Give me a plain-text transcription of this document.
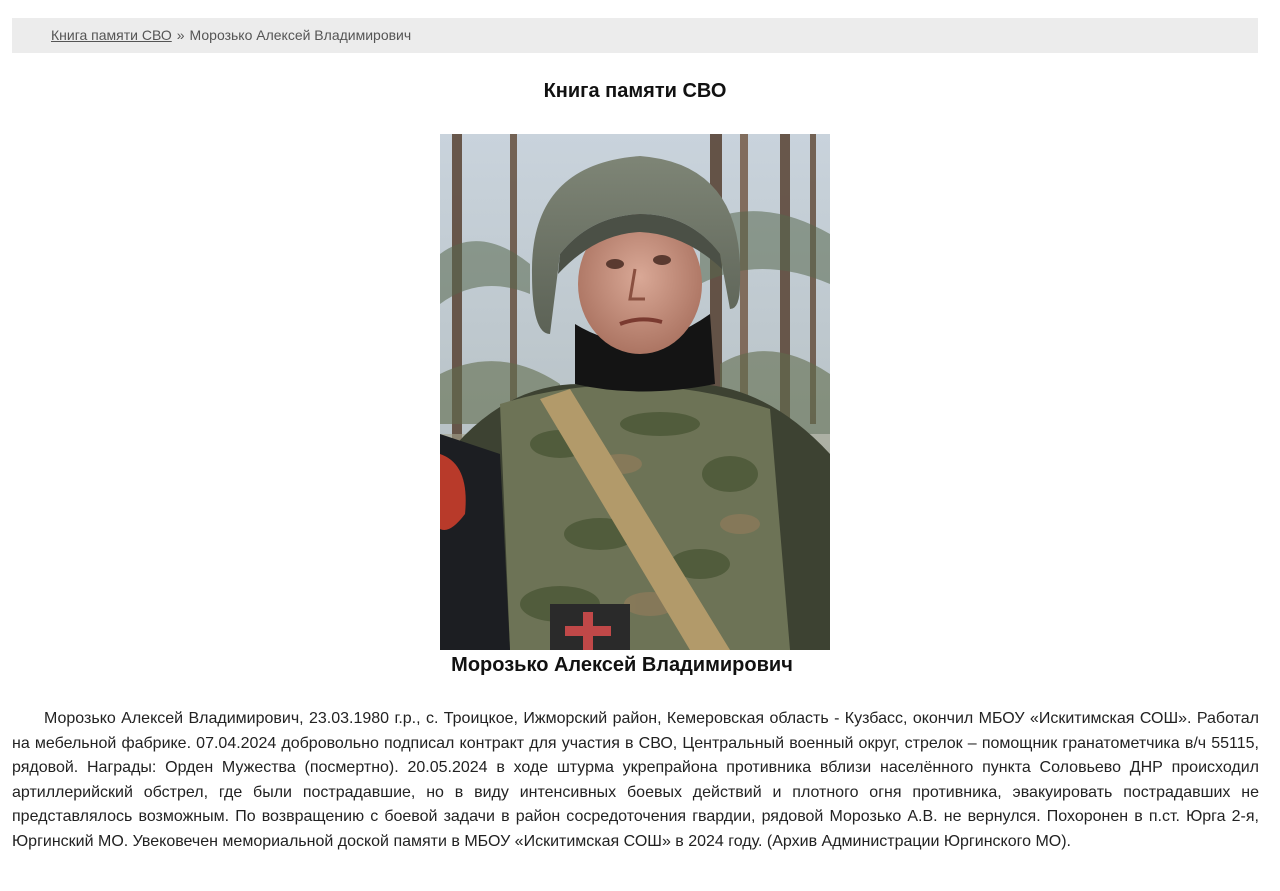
Книга памяти СВО » Морозько Алексей Владимирович
Книга памяти СВО
Морозько Алексей Владимирович

Морозько Алексей Владимирович, 23.03.1980 г.р., с. Троицкое, Ижморский район, Кемеровская область - Кузбасс, окончил МБОУ «Искитимская СОШ». Работал на мебельной фабрике. 07.04.2024 добровольно подписал контракт для участия в СВО, Центральный военный округ, стрелок – помощник гранатометчика в/ч 55115, рядовой. Награды: Орден Мужества (посмертно). 20.05.2024 в ходе штурма укрепрайона противника вблизи населённого пункта Соловьево ДНР происходил артиллерийский обстрел, где были пострадавшие, но в виду интенсивных боевых действий и плотного огня противника, эвакуировать пострадавших не представлялось возможным. По возвращению с боевой задачи в район сосредоточения гвардии, рядовой Морозько А.В. не вернулся. Похоронен в п.ст. Юрга 2-я, Юргинский МО. Увековечен мемориальной доской памяти в МБОУ «Искитимская СОШ» в 2024 году. (Архив Администрации Юргинского МО).
